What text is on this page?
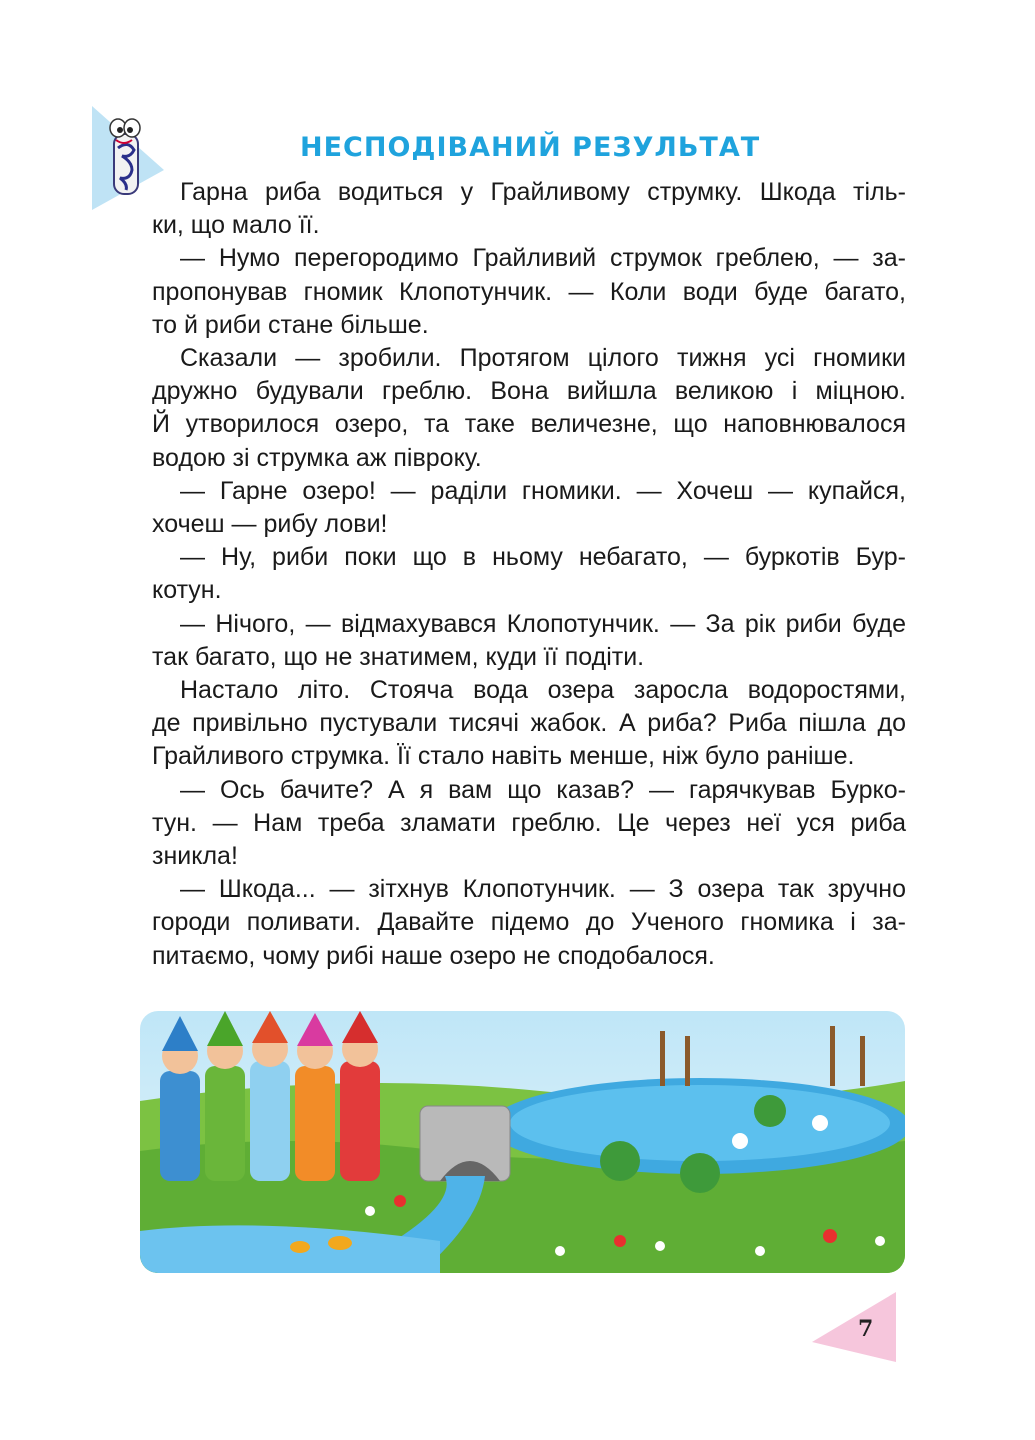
НЕСПОДІВАНИЙ РЕЗУЛЬТАТ
Гарна риба водиться у Грайливому струмку. Шкода тіль-
ки, що мало її.
— Нумо перегородимо Грайливий струмок греблею, — за-
пропонував гномик Клопотунчик. — Коли води буде багато,
то й риби стане більше.
Сказали — зробили. Протягом цілого тижня усі гномики
дружно будували греблю. Вона вийшла великою і міцною.
Й утворилося озеро, та таке величезне, що наповнювалося
водою зі струмка аж півроку.
— Гарне озеро! — раділи гномики. — Хочеш — купайся,
хочеш — рибу лови!
— Ну, риби поки що в ньому небагато, — буркотів Бур-
котун.
— Нічого, — відмахувався Клопотунчик. — За рік риби буде
так багато, що не знатимем, куди її подіти.
Настало літо. Стояча вода озера заросла водоростями,
де привільно пустували тисячі жабок. А риба? Риба пішла до
Грайливого струмка. Її стало навіть менше, ніж було раніше.
— Ось бачите? А я вам що казав? — гарячкував Бурко-
тун. — Нам треба зламати греблю. Це через неї уся риба
зникла!
— Шкода... — зітхнув Клопотунчик. — З озера так зручно
городи поливати. Давайте підемо до Ученого гномика і за-
питаємо, чому рибі наше озеро не сподобалося.
7
